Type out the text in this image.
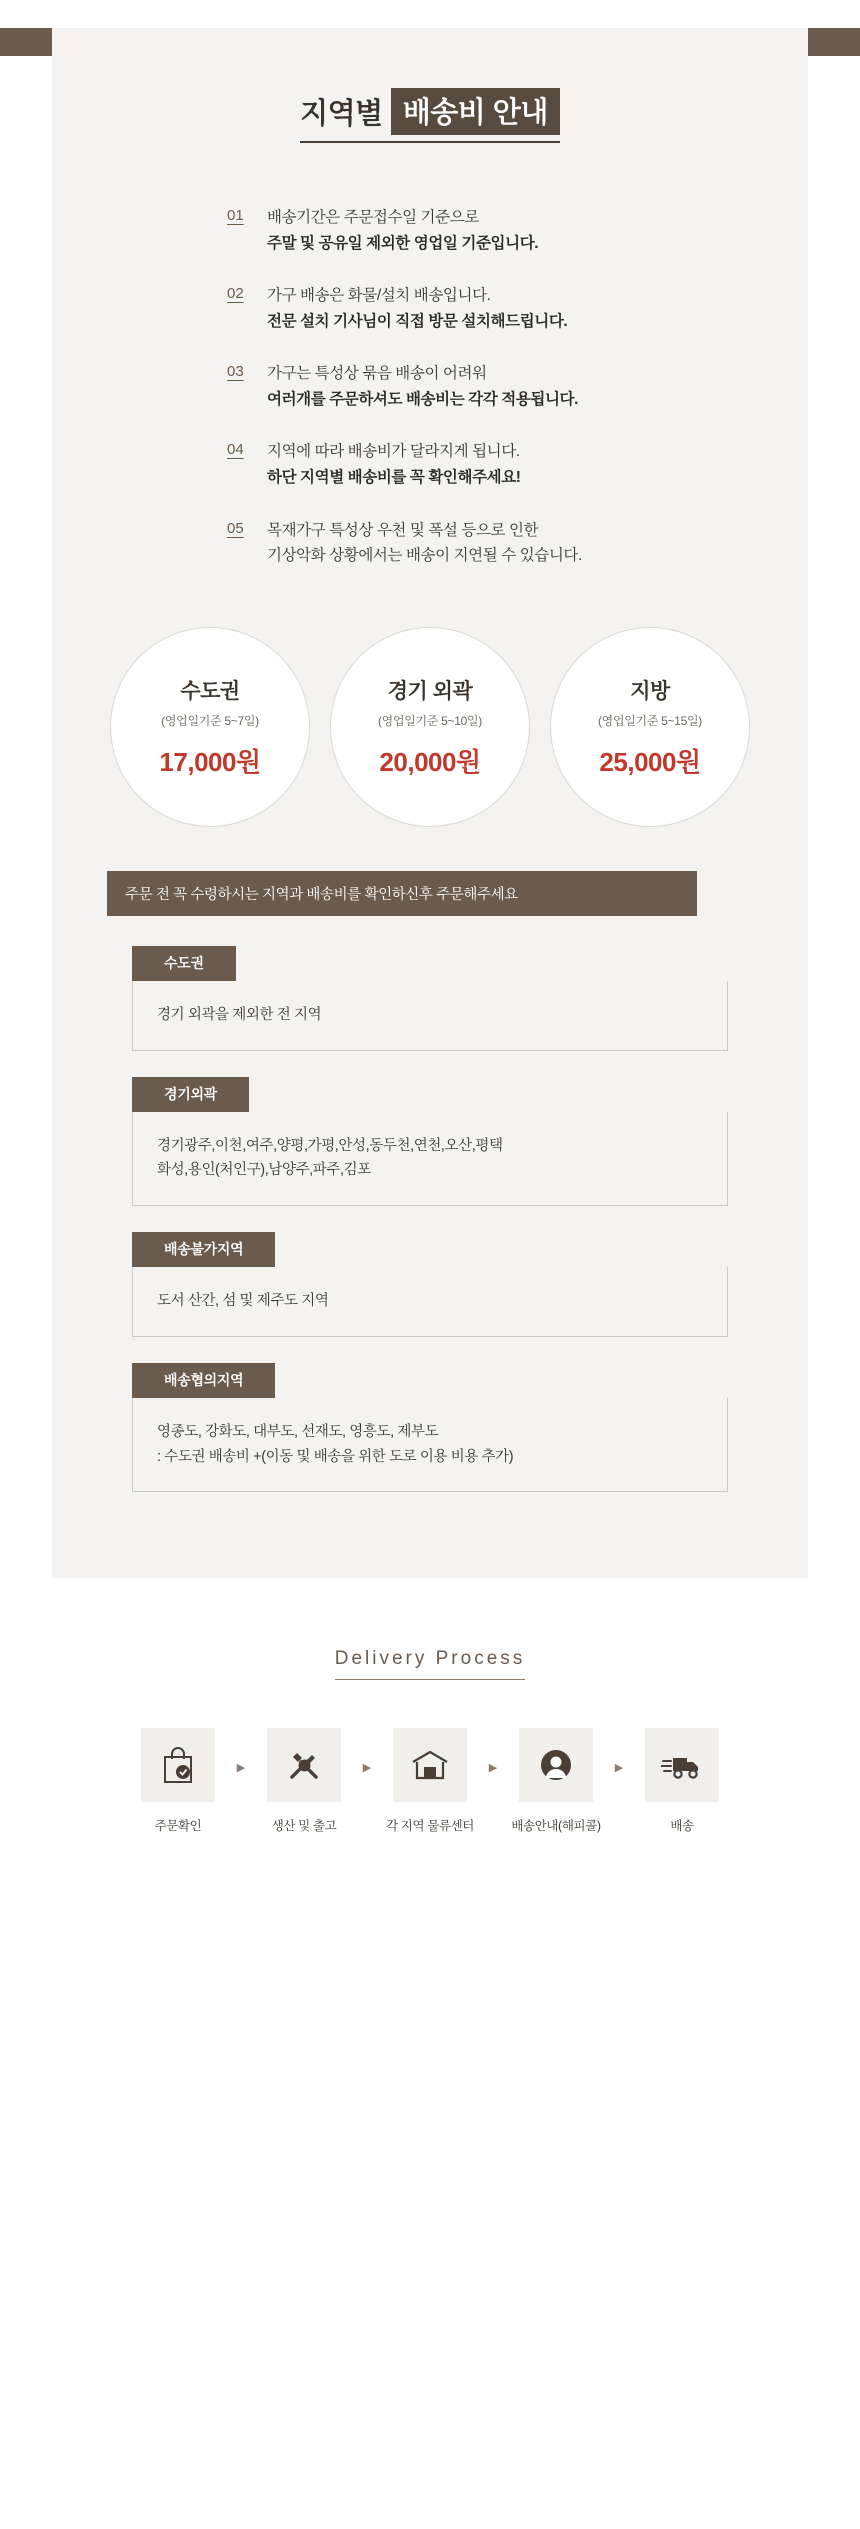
지역별 배송비 안내
01	배송기간은 주문접수일 기준으로
주말 및 공유일 제외한 영업일 기준입니다.
02	가구 배송은 화물/설치 배송입니다.
전문 설치 기사님이 직접 방문 설치해드립니다.
03	가구는 특성상 묶음 배송이 어려워
여러개를 주문하셔도 배송비는 각각 적용됩니다.
04	지역에 따라 배송비가 달라지게 됩니다.
하단 지역별 배송비를 꼭 확인해주세요!
05	목재가구 특성상 우천 및 폭설 등으로 인한
기상악화 상황에서는 배송이 지연될 수 있습니다.
수도권
(영업일기준 5~7일)
17,000원
경기 외곽
(영업일기준 5~10일)
20,000원
지방
(영업일기준 5~15일)
25,000원
주문 전 꼭 수령하시는 지역과 배송비를 확인하신후 주문해주세요
수도권
경기 외곽을 제외한 전 지역
경기외곽
경기광주,이천,여주,양평,가평,안성,동두천,연천,오산,평택
화성,용인(처인구),남양주,파주,김포
배송불가지역
도서 산간, 섬 및 제주도 지역
배송협의지역
영종도, 강화도, 대부도, 선재도, 영흥도, 제부도
: 수도권 배송비 +(이동 및 배송을 위한 도로 이용 비용 추가)
Delivery Process
주문확인
▶
생산 및 출고
▶
각 지역 물류센터
▶
배송안내(해피콜)
▶
배송
